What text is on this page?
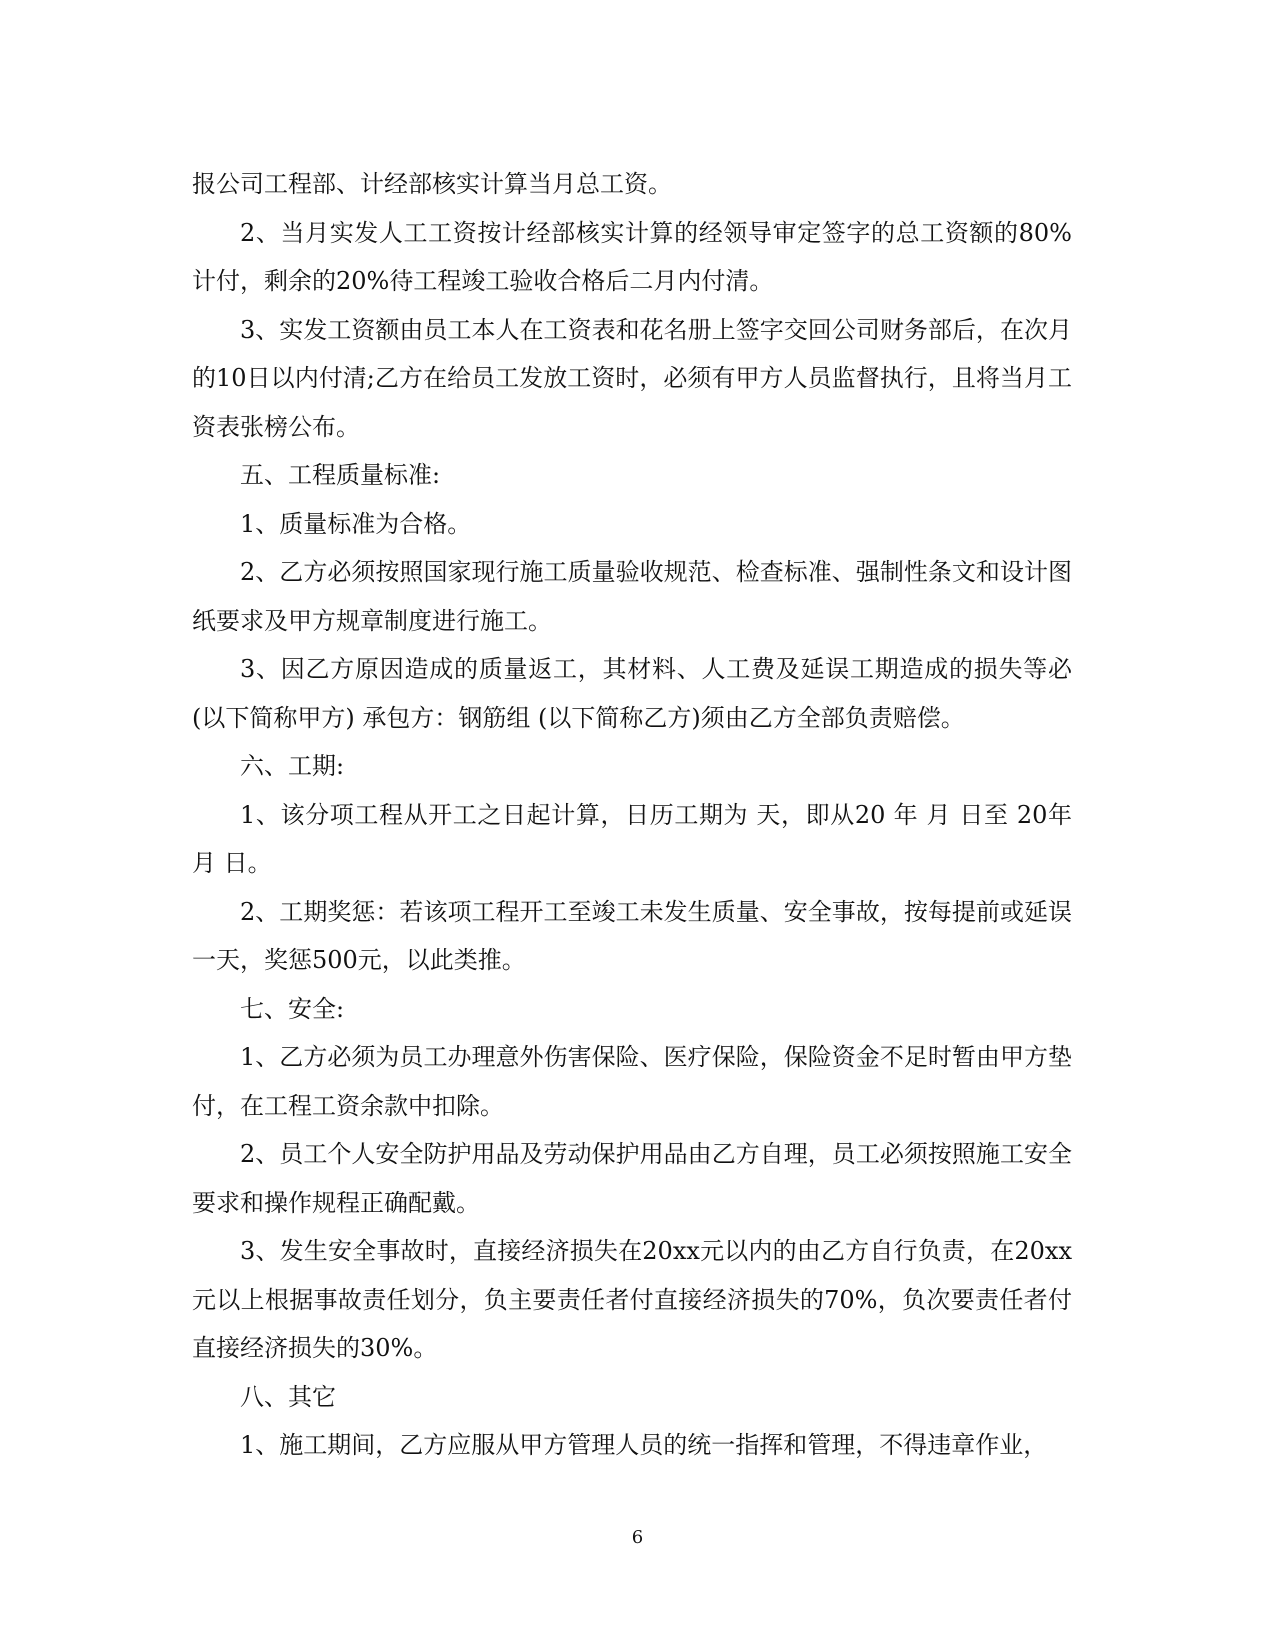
报公司工程部、计经部核实计算当月总工资。

2、当月实发人工工资按计经部核实计算的经领导审定签字的总工资额的80%计付，剩余的20%待工程竣工验收合格后二月内付清。

3、实发工资额由员工本人在工资表和花名册上签字交回公司财务部后，在次月的10日以内付清;乙方在给员工发放工资时，必须有甲方人员监督执行，且将当月工资表张榜公布。

五、工程质量标准:

1、质量标准为合格。

2、乙方必须按照国家现行施工质量验收规范、检查标准、强制性条文和设计图纸要求及甲方规章制度进行施工。

3、因乙方原因造成的质量返工，其材料、人工费及延误工期造成的损失等必(以下简称甲方) 承包方：钢筋组 (以下简称乙方)须由乙方全部负责赔偿。

六、工期:

1、该分项工程从开工之日起计算，日历工期为 天，即从20 年 月 日至 20年 月 日。

2、工期奖惩：若该项工程开工至竣工未发生质量、安全事故，按每提前或延误一天，奖惩500元，以此类推。

七、安全:

1、乙方必须为员工办理意外伤害保险、医疗保险，保险资金不足时暂由甲方垫付，在工程工资余款中扣除。

2、员工个人安全防护用品及劳动保护用品由乙方自理，员工必须按照施工安全要求和操作规程正确配戴。

3、发生安全事故时，直接经济损失在20xx元以内的由乙方自行负责，在20xx元以上根据事故责任划分，负主要责任者付直接经济损失的70%，负次要责任者付直接经济损失的30%。

八、其它

1、施工期间，乙方应服从甲方管理人员的统一指挥和管理，不得违章作业，

6
